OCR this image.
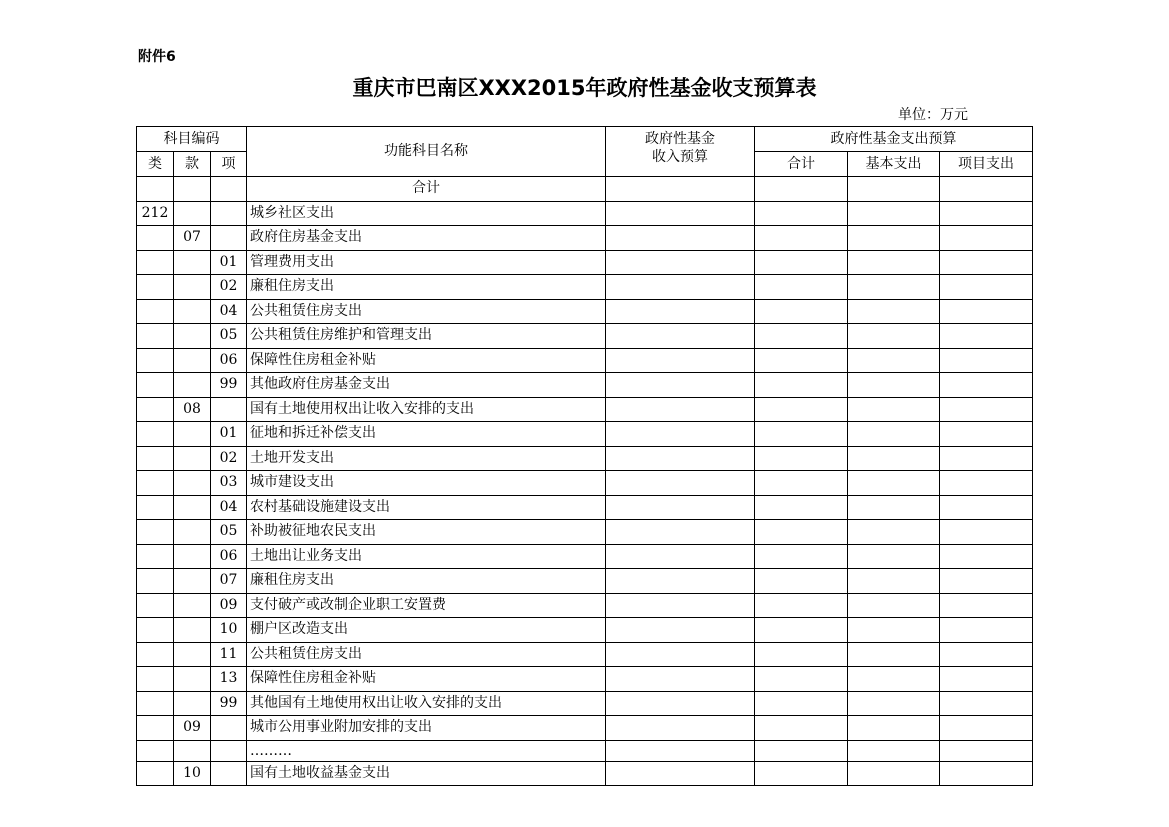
附件6
重庆市巴南区XXX2015年政府性基金收支预算表
单位：万元
科目编码			功能科目名称	政府性基金
收入预算	政府性基金支出预算		
类	款	项			合计	基本支出	项目支出
			合计				
212			城乡社区支出				
	07		政府住房基金支出				
		01	管理费用支出				
		02	廉租住房支出				
		04	公共租赁住房支出				
		05	公共租赁住房维护和管理支出				
		06	保障性住房租金补贴				
		99	其他政府住房基金支出				
	08		国有土地使用权出让收入安排的支出				
		01	征地和拆迁补偿支出				
		02	土地开发支出				
		03	城市建设支出				
		04	农村基础设施建设支出				
		05	补助被征地农民支出				
		06	土地出让业务支出				
		07	廉租住房支出				
		09	支付破产或改制企业职工安置费				
		10	棚户区改造支出				
		11	公共租赁住房支出				
		13	保障性住房租金补贴				
		99	其他国有土地使用权出让收入安排的支出				
	09		城市公用事业附加安排的支出				
			………				
	10		国有土地收益基金支出				
